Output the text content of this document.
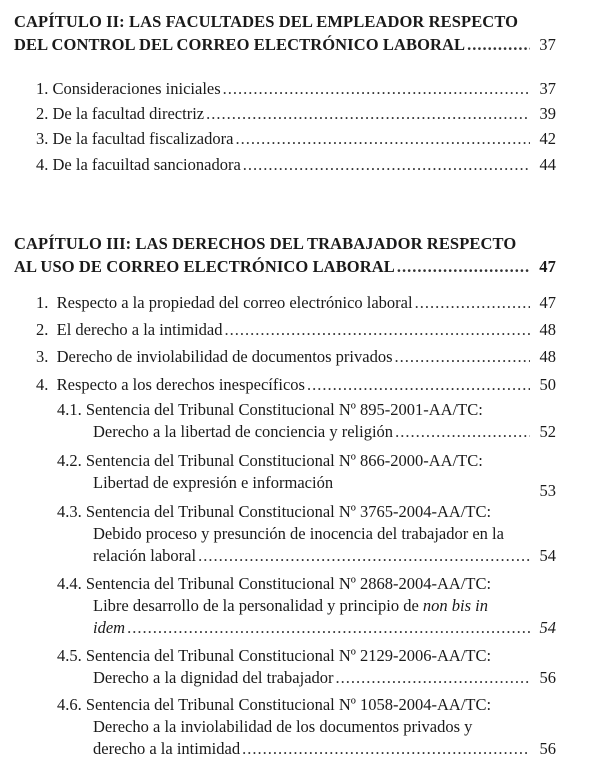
CAPÍTULO II: LAS FACULTADES DEL EMPLEADOR RESPECTO
DEL CONTROL DEL CORREO ELECTRÓNICO LABORAL .....	37
1. Consideraciones iniciales .....	37
2. De la facultad directriz .....	39
3. De la facultad fiscalizadora .....	42
4. De la facuiltad sancionadora .....	44
CAPÍTULO III: LAS DERECHOS DEL TRABAJADOR RESPECTO
AL USO DE CORREO ELECTRÓNICO LABORAL .....	47
1.  Respecto a la propiedad del correo electrónico laboral .....	47
2.  El derecho a la intimidad .....	48
3.  Derecho de inviolabilidad de documentos privados .....	48
4.  Respecto a los derechos inespecíficos .....	50
4.1. Sentencia del Tribunal Constitucional Nº 895-2001-AA/TC:
Derecho a la libertad de conciencia y religión .....	52
4.2. Sentencia del Tribunal Constitucional Nº 866-2000-AA/TC:
Libertad de expresión e información	53
4.3. Sentencia del Tribunal Constitucional Nº 3765-2004-AA/TC:
Debido proceso y presunción de inocencia del trabajador en la
relación laboral .....	54
4.4. Sentencia del Tribunal Constitucional Nº 2868-2004-AA/TC:
Libre desarrollo de la personalidad y principio de non bis in
idem .....	54
4.5. Sentencia del Tribunal Constitucional Nº 2129-2006-AA/TC:
Derecho a la dignidad del trabajador .....	56
4.6. Sentencia del Tribunal Constitucional Nº 1058-2004-AA/TC:
Derecho a la inviolabilidad de los documentos privados y
derecho a la intimidad .....	56
